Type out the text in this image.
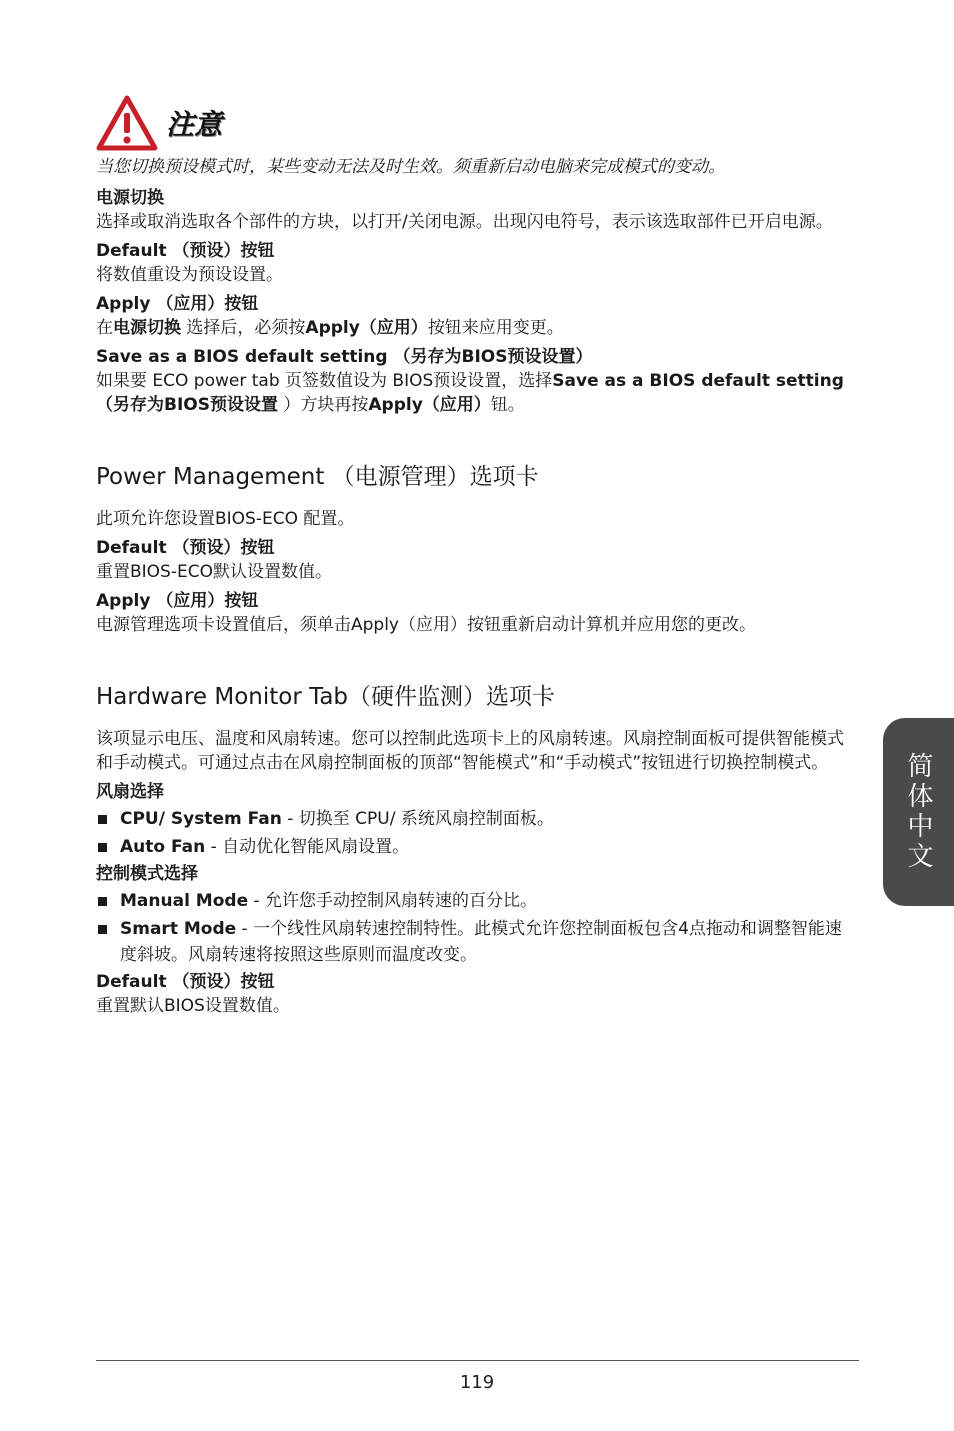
注意

当您切换预设模式时，某些变动无法及时生效。须重新启动电脑来完成模式的变动。

电源切换

选择或取消选取各个部件的方块，以打开/关闭电源。出现闪电符号，表示该选取部件已开启电源。

Default （预设）按钮

将数值重设为预设设置。

Apply （应用）按钮

在电源切换 选择后，必须按Apply（应用）按钮来应用变更。

Save as a BIOS default setting （另存为BIOS预设设置）

如果要 ECO power tab 页签数值设为 BIOS预设设置，选择Save as a BIOS default setting（另存为BIOS预设设置 ）方块再按Apply（应用）钮。

Power Management （电源管理）选项卡

此项允许您设置BIOS-ECO 配置。

Default （预设）按钮

重置BIOS-ECO默认设置数值。

Apply （应用）按钮

电源管理选项卡设置值后，须单击Apply（应用）按钮重新启动计算机并应用您的更改。

Hardware Monitor Tab（硬件监测）选项卡

该项显示电压、温度和风扇转速。您可以控制此选项卡上的风扇转速。风扇控制面板可提供智能模式和手动模式。可通过点击在风扇控制面板的顶部“智能模式”和“手动模式”按钮进行切换控制模式。

风扇选择

CPU/ System Fan - 切换至 CPU/ 系统风扇控制面板。
Auto Fan - 自动优化智能风扇设置。

控制模式选择

Manual Mode - 允许您手动控制风扇转速的百分比。
Smart Mode - 一个线性风扇转速控制特性。此模式允许您控制面板包含4点拖动和调整智能速度斜坡。风扇转速将按照这些原则而温度改变。

Default （预设）按钮

重置默认BIOS设置数值。

简体中文
119
